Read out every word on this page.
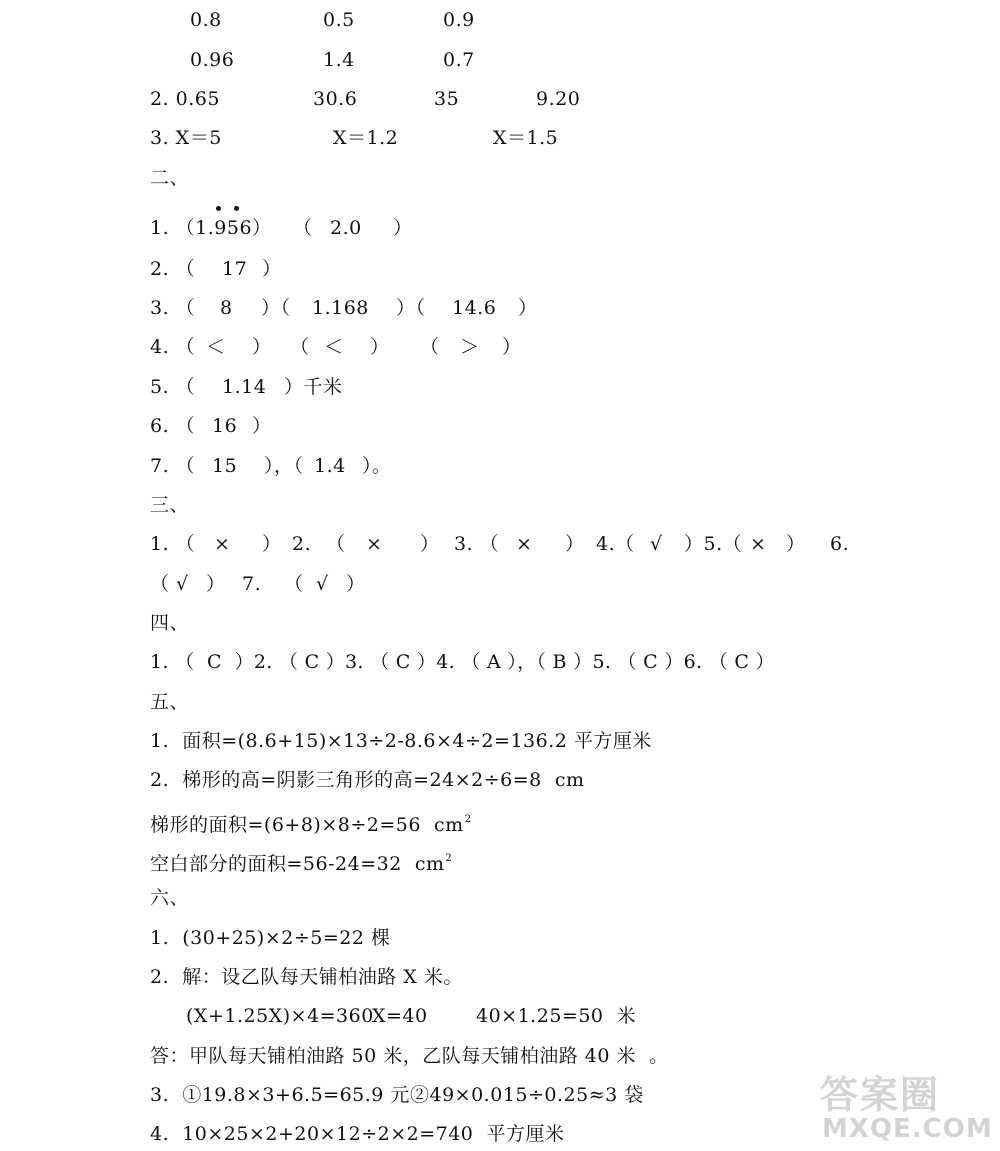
0.8	0.5	0.9
0.96	1.4	0.7
2. 0.65	30.6	35	9.20
3. X＝5	X＝1.2	X＝1.5
二、
1. （1.956） （ 2.0 ）
2. （ 17 ）
3. （ 8 ）（ 1.168 ）（ 14.6 ）
4. （ ＜ ） （ ＜ ） （ ＞ ）
5. （ 1.14 ）千米
6. （ 16 ）
7. （ 15 ），（ 1.4 ）。
三、
1. （ × ） 2. （ × ） 3. （ × ） 4.（ √ ）5.（ × ） 6.
（ √ ） 7. （ √ ）
四、
1. （  C  ）2. （ C ）3. （ C ）4. （ A ），（ B ）5. （ C ）6. （ C ）
五、
1.  面积=(8.6+15)×13÷2-8.6×4÷2=136.2 平方厘米
2.  梯形的高=阴影三角形的高=24×2÷6=8  cm
梯形的面积=(6+8)×8÷2=56  $cm^2$
空白部分的面积=56-24=32  $cm^2$
六、
1.  (30+25)×2÷5=22 棵
2.  解：设乙队每天铺柏油路 X 米。
(X+1.25X)×4=360
X=40	40×1.25=50  米
答：甲队每天铺柏油路 50 米，乙队每天铺柏油路 40 米  。
3.  ①19.8×3+6.5=65.9 元 ②49×0.015÷0.25≈3 袋
4.  10×25×2+20×12÷2×2=740  平方厘米
答案圈
MXQE.COM
